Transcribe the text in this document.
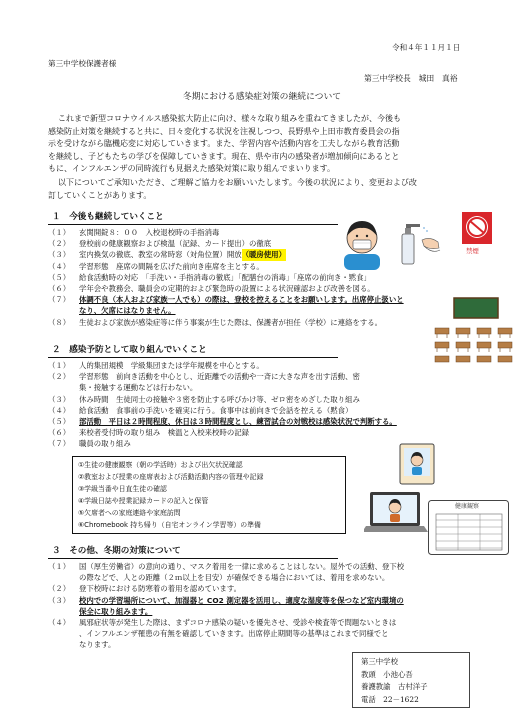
令和４年１１月１日
第三中学校保護者様
第三中学校長　城田　真裕
冬期における感染症対策の継続について
これまで新型コロナウイルス感染拡大防止に向け、様々な取り組みを重ねてきましたが、今後も
感染防止対策を継続すると共に、日々変化する状況を注視しつつ、長野県や上田市教育委員会の指
示を受けながら臨機応変に対応していきます。また、学習内容や活動内容を工夫しながら教育活動
を継続し、子どもたちの学びを保障していきます。現在、県や市内の感染者が増加傾向にあるとと
もに、インフルエンザの同時流行も見据えた感染対策に取り組んでまいります。
以下についてご承知いただき、ご理解ご協力をお願いいたします。今後の状況により、変更および改
訂していくことがあります。
１　今後も継続していくこと
（１）	玄関開錠８：００　入校退校時の手指消毒
（２）	登校前の健康観察および検温（記録、カード提出）の徹底
（３）	室内換気の徹底、教室の常時窓（対角位置）開放 （暖房使用）
（４）	学習形態　座席の間隔を広げた前向き座席を主とする。
（５）	給食活動時の対応　「手洗い・手指消毒の徹底」「配膳台の消毒」「座席の前向き・黙食」
（６）	学年会や教務会、職員会の定期的および緊急時の設置による状況確認および改善を図る。
（７）	体調不良（本人および家族一人でも）の際は、登校を控えることをお願いします。出席停止扱いと
なり、欠席にはなりません。
（８）	生徒および家族が感染症等に伴う事案が生じた際は、保護者が担任（学校）に連絡をする。
禁煙
２　感染予防として取り組んでいくこと
（１）	人的集団規模　学級集団または学年規模を中心とする。
（２）	学習形態　前向き活動を中心とし、近距離での活動や一斉に大きな声を出す活動、密
集・接触する運動などは行わない。
（３）	休み時間　生徒同士の接触や３密を防止する呼びかけ等、ゼロ密をめざした取り組み
（４）	給食活動　食事前の手洗いを確実に行う。食事中は前向きで会話を控える（黙食）
（５）	部活動　平日は２時間程度、休日は３時間程度とし、練習試合の対戦校は感染状況で判断する。
（６）	来校者受付時の取り組み　検温と入校来校時の記録
（７）	職員の取り組み
①生徒の健康観察（朝の学活時）および出欠状況確認
②教室および授業の座席表および活動活動内容の管理や記録
③学級当番や日直生徒の確認
④学級日誌や授業記録カードの記入と保管
⑤欠席者への家庭連絡や家庭訪問
⑥Chromebook 持ち帰り（自宅オンライン学習等）の準備
健康観察
３　その他、冬期の対策について
（１）	国（厚生労働省）の意向の通り、マスク着用を一律に求めることはしない。屋外での活動、登下校
の際などで、人との距離（２ｍ以上を目安）が確保できる場合においては、着用を求めない。
（２）	登下校時における防寒着の着用を認めています。
（３）	校内での学習場所について、加湿器と CO2 測定器を活用し、適度な湿度等を保つなど室内環境の
保全に取り組みます。
（４）	風邪症状等が発生した際は、まずコロナ感染の疑いを優先させ、受診や検査等で問題ないときは
、インフルエンザ罹患の有無を確認していきます。出席停止期間等の基準はこれまで同様でと
なります。
第三中学校
教頭　小池心吾
養護教諭　古村洋子
電話　22－1622
